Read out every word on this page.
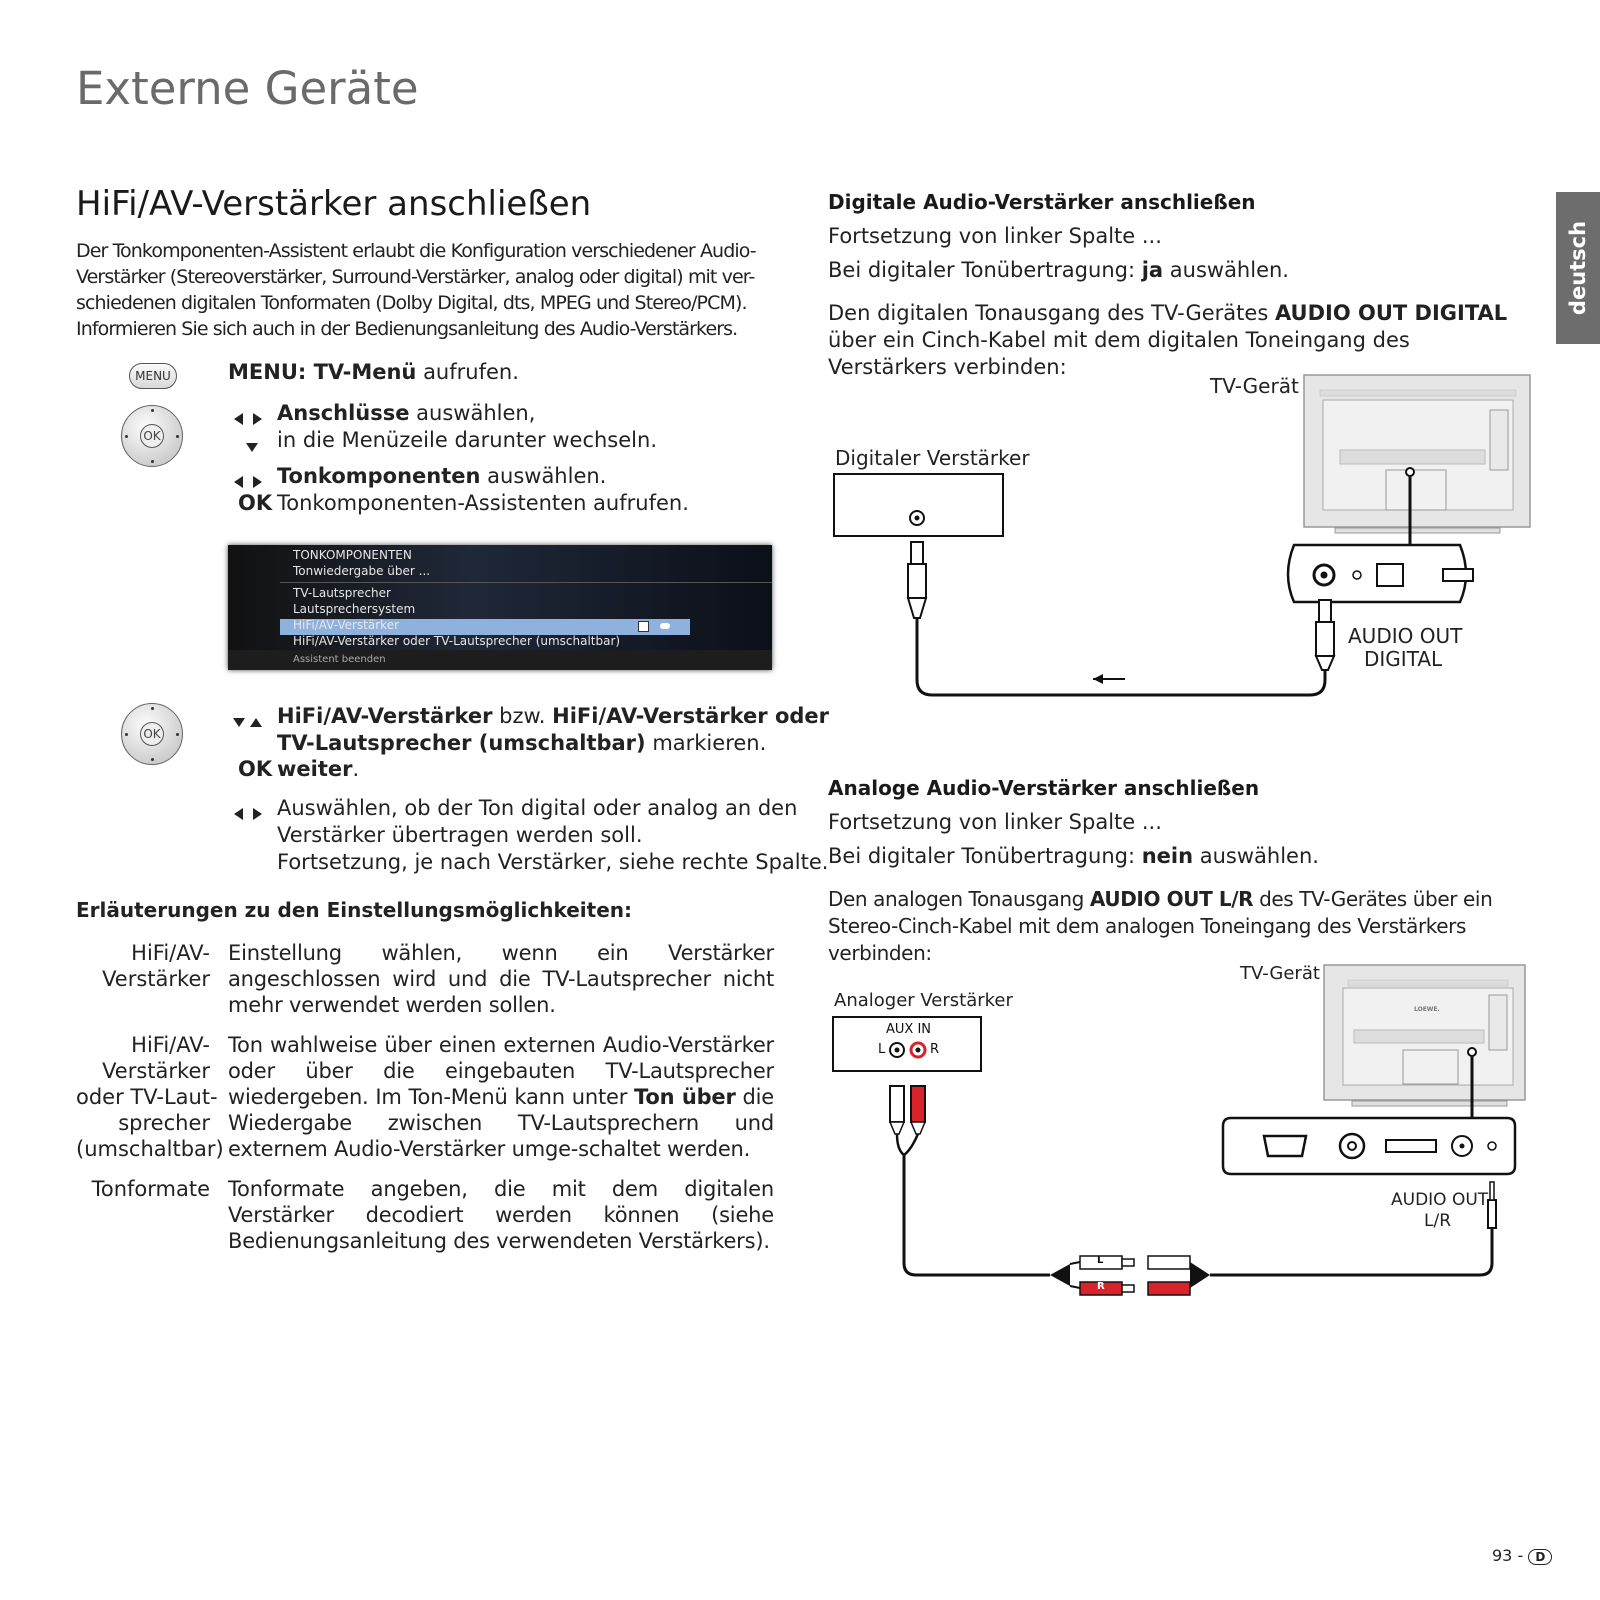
Externe Geräte
deutsch
HiFi/AV-Verstärker anschließen
Der Tonkomponenten-Assistent erlaubt die Konfiguration verschiedener Audio-
Verstärker (Stereoverstärker, Surround-Verstärker, analog oder digital) mit ver-
schiedenen digitalen Tonformaten (Dolby Digital, dts, MPEG und Stereo/PCM).
Informieren Sie sich auch in der Bedienungsanleitung des Audio-Verstärkers.
MENU	MENU: TV-Menü aufrufen.
OK

Anschlüsse auswählen,
in die Menüzeile darunter wechseln.

Tonkomponenten auswählen.
OK Tonkomponenten-Assistenten aufrufen.
TONKOMPONENTEN
Tonwiedergabe über ...
TV-Lautsprecher
Lautsprechersystem
HiFi/AV-Verstärker
HiFi/AV-Verstärker oder TV-Lautsprecher (umschaltbar)
Assistent beenden
OK

HiFi/AV-Verstärker bzw. HiFi/AV-Verstärker oder
TV-Lautsprecher (umschaltbar) markieren.
OK weiter.

Auswählen, ob der Ton digital oder analog an den
Verstärker übertragen werden soll.
Fortsetzung, je nach Verstärker, siehe rechte Spalte.
Erläuterungen zu den Einstellungsmöglichkeiten:
HiFi/AV-
Verstärker
Einstellung wählen, wenn ein Verstärker angeschlossen wird und die TV-Lautsprecher nicht mehr verwendet werden sollen.
HiFi/AV-
Verstärker
oder TV-Laut-
sprecher
(umschaltbar)
Ton wahlweise über einen externen Audio-Verstärker oder über die eingebauten TV-Lautsprecher wiedergeben. Im Ton-Menü kann unter Ton über die Wiedergabe zwischen TV-Lautsprechern und externem Audio-Verstärker umge-schaltet werden.
Tonformate Tonformate angeben, die mit dem digitalen Verstärker decodiert werden können (siehe Bedienungsanleitung des verwendeten Verstärkers).
Digitale Audio-Verstärker anschließen
Fortsetzung von linker Spalte ...
Bei digitaler Tonübertragung: ja auswählen.
Den digitalen Tonausgang des TV-Gerätes AUDIO OUT DIGITAL über ein Cinch-Kabel mit dem digitalen Toneingang des Verstärkers verbinden:
TV-Gerät
Digitaler Verstärker
AUDIO OUT
DIGITAL
Analoge Audio-Verstärker anschließen
Fortsetzung von linker Spalte ...
Bei digitaler Tonübertragung: nein auswählen.
Den analogen Tonausgang AUDIO OUT L/R des TV-Gerätes über ein Stereo-Cinch-Kabel mit dem analogen Toneingang des Verstärkers verbinden:
TV-Gerät
Analoger Verstärker
AUX IN
L	R
L
R
AUDIO OUT
L/R
LOEWE.
93 - D
